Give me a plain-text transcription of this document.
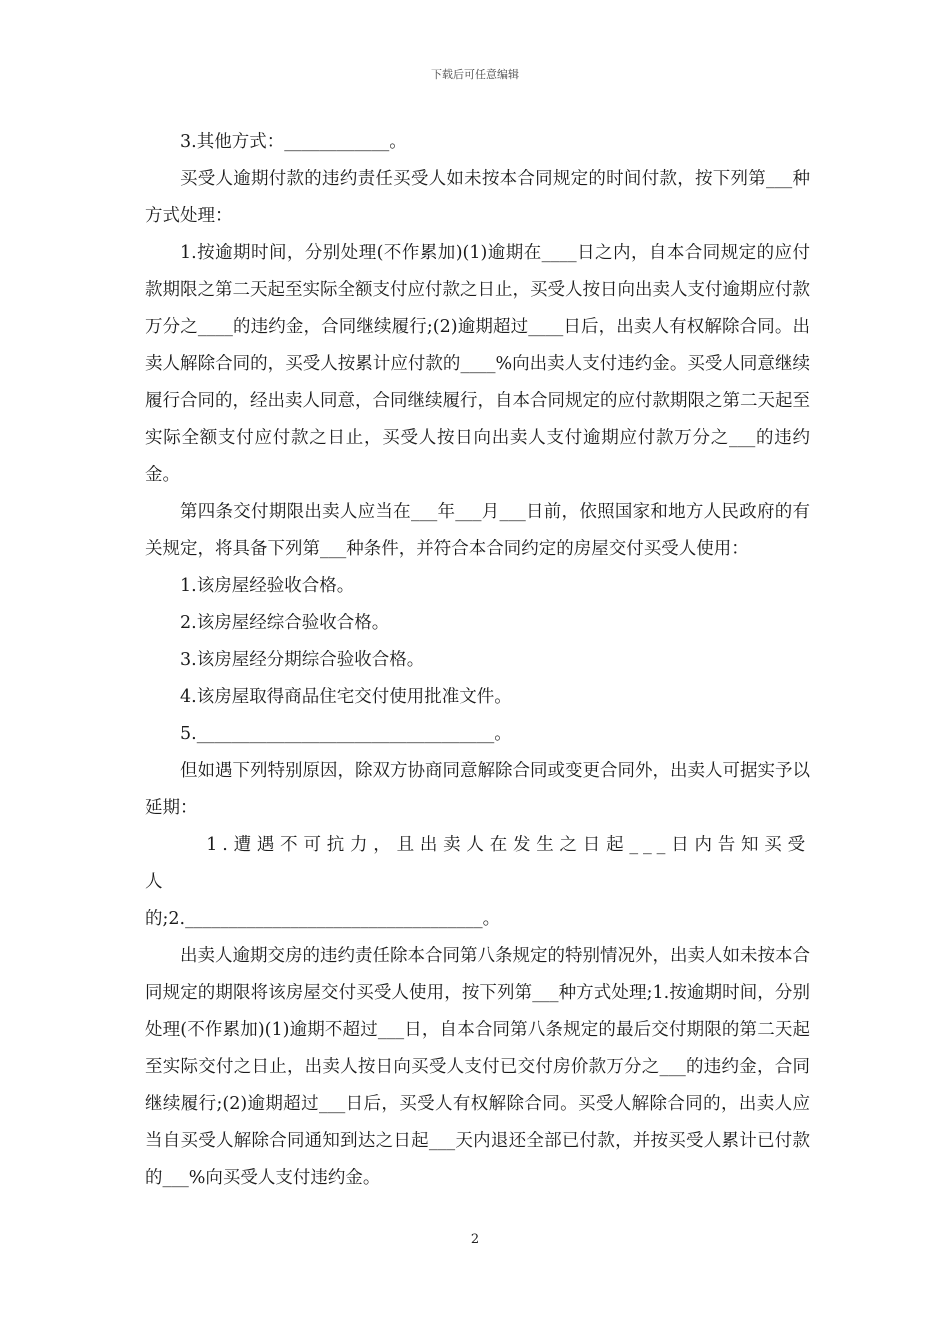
下载后可任意编辑

3.其他方式：____________。

买受人逾期付款的违约责任买受人如未按本合同规定的时间付款，按下列第___种方式处理：

1.按逾期时间，分别处理(不作累加)(1)逾期在____日之内，自本合同规定的应付款期限之第二天起至实际全额支付应付款之日止，买受人按日向出卖人支付逾期应付款万分之____的违约金，合同继续履行;(2)逾期超过____日后，出卖人有权解除合同。出卖人解除合同的，买受人按累计应付款的____%向出卖人支付违约金。买受人同意继续履行合同的，经出卖人同意，合同继续履行，自本合同规定的应付款期限之第二天起至实际全额支付应付款之日止，买受人按日向出卖人支付逾期应付款万分之___的违约金。

第四条交付期限出卖人应当在___年___月___日前，依照国家和地方人民政府的有关规定，将具备下列第___种条件，并符合本合同约定的房屋交付买受人使用：

1.该房屋经验收合格。

2.该房屋经综合验收合格。

3.该房屋经分期综合验收合格。

4.该房屋取得商品住宅交付使用批准文件。

5.__________________________________。

但如遇下列特别原因，除双方协商同意解除合同或变更合同外，出卖人可据实予以延期：

1.遭遇不可抗力，且出卖人在发生之日起___日内告知买受人

的;2.__________________________________。

出卖人逾期交房的违约责任除本合同第八条规定的特别情况外，出卖人如未按本合同规定的期限将该房屋交付买受人使用，按下列第___种方式处理;1.按逾期时间，分别处理(不作累加)(1)逾期不超过___日，自本合同第八条规定的最后交付期限的第二天起至实际交付之日止，出卖人按日向买受人支付已交付房价款万分之___的违约金，合同继续履行;(2)逾期超过___日后，买受人有权解除合同。买受人解除合同的，出卖人应当自买受人解除合同通知到达之日起___天内退还全部已付款，并按买受人累计已付款的___%向买受人支付违约金。

2
